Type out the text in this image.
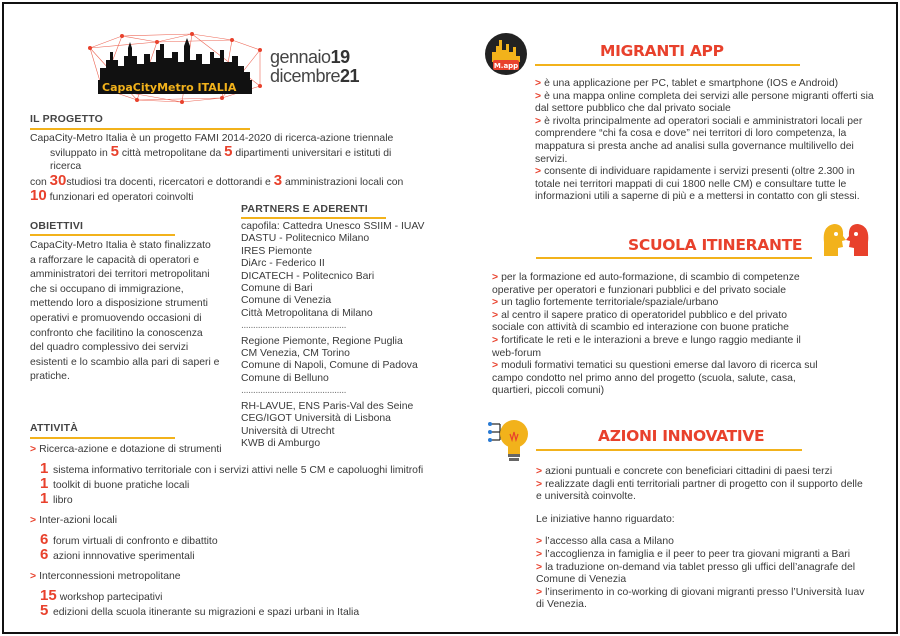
CapaCityMetro ITALIA
gennaio19
dicembre21
IL PROGETTO
CapaCity-Metro Italia è un progetto FAMI 2014-2020 di ricerca-azione triennale
sviluppato in 5 città metropolitane da 5 dipartimenti universitari e istituti di ricerca
con 30studiosi tra docenti, ricercatori e dottorandi e 3 amministrazioni locali con
10 funzionari ed operatori coinvolti
OBIETTIVI
CapaCity-Metro Italia è stato finalizzato
a rafforzare le capacità di operatori e
amministratori dei territori metropolitani
che si occupano di immigrazione,
mettendo loro a disposizione strumenti
operativi e promuovendo occasioni di
confronto che facilitino la conoscenza
del quadro complessivo dei servizi
esistenti e lo scambio alla pari di saperi e
pratiche.
PARTNERS E ADERENTI
capofila: Cattedra Unesco SSIIM - IUAV
DASTU - Politecnico Milano
IRES Piemonte
DiArc - Federico II
DICATECH - Politecnico Bari
Comune di Bari
Comune di Venezia
Città Metropolitana di Milano
............................................
Regione Piemonte, Regione Puglia
CM Venezia, CM Torino
Comune di Napoli, Comune di Padova
Comune di Belluno
............................................
RH-LAVUE, ENS Paris-Val des Seine
CEG/IGOT Università di Lisbona
Università di Utrecht
KWB di Amburgo
ATTIVITÀ
> Ricerca-azione e dotazione di strumenti
1 sistema informativo territoriale con i servizi attivi nelle 5 CM e capoluoghi limitrofi
1 toolkit di buone pratiche locali
1 libro
> Inter-azioni locali
6 forum virtuali di confronto e dibattito
6 azioni innnovative sperimentali
> Interconnessioni metropolitane
15 workshop partecipativi
5 edizioni della scuola itinerante su migrazioni e spazi urbani in Italia
M.app
MIGRANTI APP
> è una applicazione per PC, tablet e smartphone (IOS e Android)
> è una mappa online completa dei servizi alle persone migranti offerti sia
dal settore pubblico che dal privato sociale
> è rivolta principalmente ad operatori sociali e amministratori locali per
comprendere “chi fa cosa e dove” nei territori di loro competenza, la
mappatura si presta anche ad analisi sulla governance multilivello dei
servizi.
> consente di individuare rapidamente i servizi presenti (oltre 2.300 in
totale nei territori mappati di cui 1800 nelle CM) e consultare tutte le
informazioni utili a saperne di più e a mettersi in contatto con gli stessi.
SCUOLA ITINERANTE
> per la formazione ed auto-formazione, di scambio di competenze
operative per operatori e funzionari pubblici e del privato sociale
> un taglio fortemente territoriale/spaziale/urbano
> al centro il sapere pratico di operatoridel pubblico e del privato
sociale con attività di scambio ed interazione con buone pratiche
> fortificate le reti e le interazioni a breve e lungo raggio mediante il
web-forum
> moduli formativi tematici su questioni emerse dal lavoro di ricerca sul
campo condotto nel primo anno del progetto (scuola, salute, casa,
quartieri, piccoli comuni)
AZIONI INNOVATIVE
> azioni puntuali e concrete con beneficiari cittadini di paesi terzi
> realizzate dagli enti territoriali partner di progetto con il supporto delle
e università coinvolte.
Le iniziative hanno riguardato:
> l’accesso alla casa a Milano
> l’accoglienza in famiglia e il peer to peer tra giovani migranti a Bari
> la traduzione on-demand via tablet presso gli uffici dell’anagrafe del
Comune di Venezia
> l’inserimento in co-working di giovani migranti presso l’Università Iuav
di Venezia.
